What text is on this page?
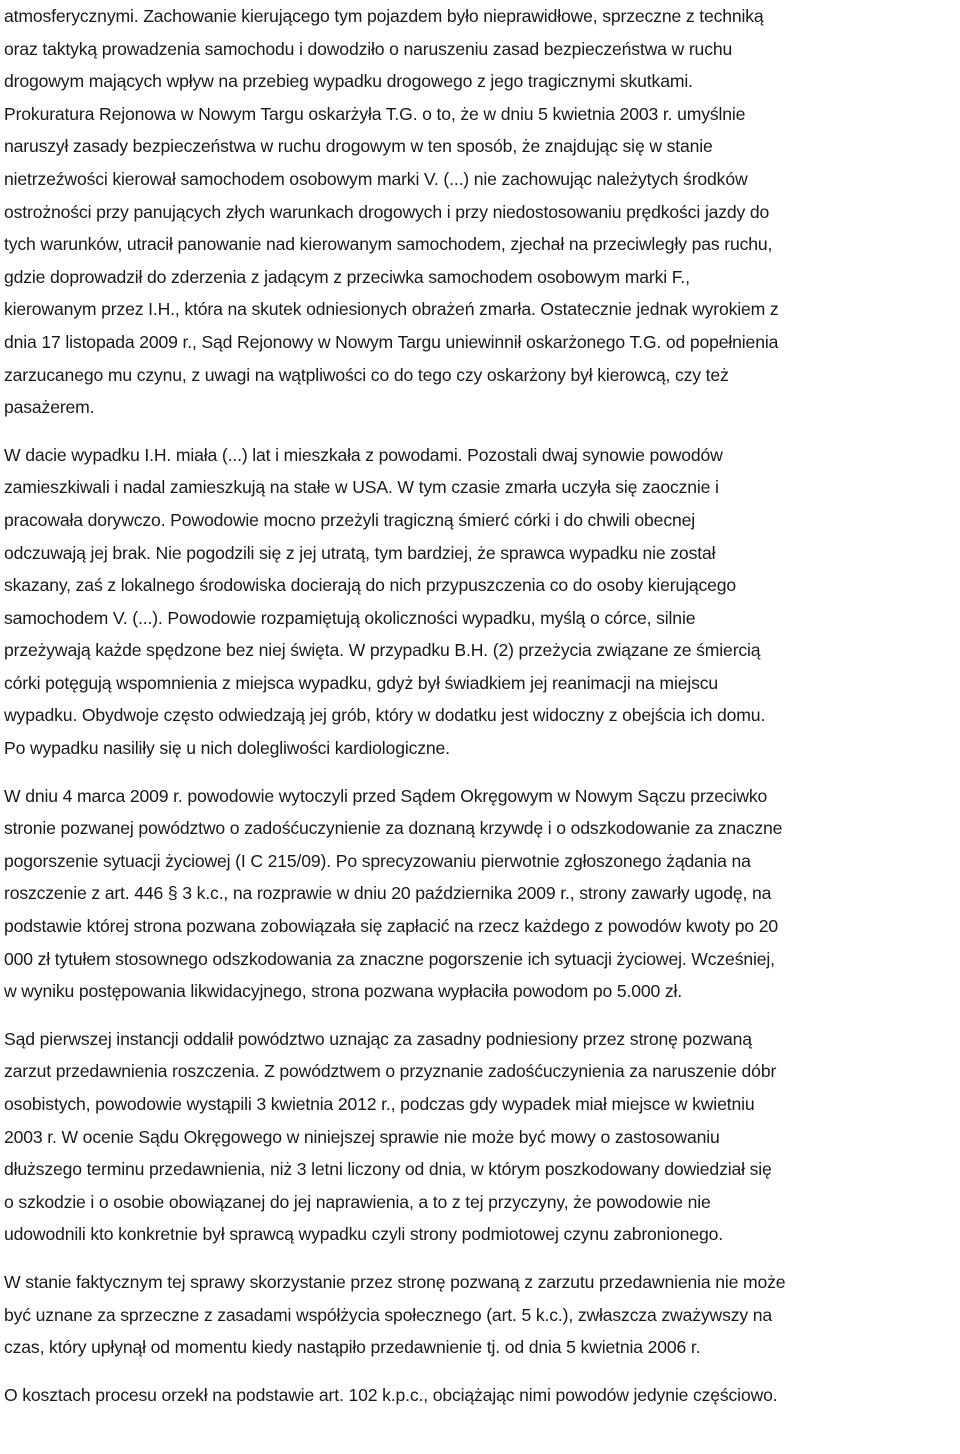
atmosferycznymi. Zachowanie kierującego tym pojazdem było nieprawidłowe, sprzeczne z techniką
oraz taktyką prowadzenia samochodu i dowodziło o naruszeniu zasad bezpieczeństwa w ruchu
drogowym mających wpływ na przebieg wypadku drogowego z jego tragicznymi skutkami.
Prokuratura Rejonowa w Nowym Targu oskarżyła T.G. o to, że w dniu 5 kwietnia 2003 r. umyślnie
naruszył zasady bezpieczeństwa w ruchu drogowym w ten sposób, że znajdując się w stanie
nietrzeźwości kierował samochodem osobowym marki V. (...) nie zachowując należytych środków
ostrożności przy panujących złych warunkach drogowych i przy niedostosowaniu prędkości jazdy do
tych warunków, utracił panowanie nad kierowanym samochodem, zjechał na przeciwległy pas ruchu,
gdzie doprowadził do zderzenia z jadącym z przeciwka samochodem osobowym marki F.,
kierowanym przez I.H., która na skutek odniesionych obrażeń zmarła. Ostatecznie jednak wyrokiem z
dnia 17 listopada 2009 r., Sąd Rejonowy w Nowym Targu uniewinnił oskarżonego T.G. od popełnienia
zarzucanego mu czynu, z uwagi na wątpliwości co do tego czy oskarżony był kierowcą, czy też
pasażerem.
W dacie wypadku I.H. miała (...) lat i mieszkała z powodami. Pozostali dwaj synowie powodów
zamieszkiwali i nadal zamieszkują na stałe w USA. W tym czasie zmarła uczyła się zaocznie i
pracowała dorywczo. Powodowie mocno przeżyli tragiczną śmierć córki i do chwili obecnej
odczuwają jej brak. Nie pogodzili się z jej utratą, tym bardziej, że sprawca wypadku nie został
skazany, zaś z lokalnego środowiska docierają do nich przypuszczenia co do osoby kierującego
samochodem V. (...). Powodowie rozpamiętują okoliczności wypadku, myślą o córce, silnie
przeżywają każde spędzone bez niej święta. W przypadku B.H. (2) przeżycia związane ze śmiercią
córki potęgują wspomnienia z miejsca wypadku, gdyż był świadkiem jej reanimacji na miejscu
wypadku. Obydwoje często odwiedzają jej grób, który w dodatku jest widoczny z obejścia ich domu.
Po wypadku nasiliły się u nich dolegliwości kardiologiczne.
W dniu 4 marca 2009 r. powodowie wytoczyli przed Sądem Okręgowym w Nowym Sączu przeciwko
stronie pozwanej powództwo o zadośćuczynienie za doznaną krzywdę i o odszkodowanie za znaczne
pogorszenie sytuacji życiowej (I C 215/09). Po sprecyzowaniu pierwotnie zgłoszonego żądania na
roszczenie z art. 446 § 3 k.c., na rozprawie w dniu 20 października 2009 r., strony zawarły ugodę, na
podstawie której strona pozwana zobowiązała się zapłacić na rzecz każdego z powodów kwoty po 20
000 zł tytułem stosownego odszkodowania za znaczne pogorszenie ich sytuacji życiowej. Wcześniej,
w wyniku postępowania likwidacyjnego, strona pozwana wypłaciła powodom po 5.000 zł.
Sąd pierwszej instancji oddalił powództwo uznając za zasadny podniesiony przez stronę pozwaną
zarzut przedawnienia roszczenia. Z powództwem o przyznanie zadośćuczynienia za naruszenie dóbr
osobistych, powodowie wystąpili 3 kwietnia 2012 r., podczas gdy wypadek miał miejsce w kwietniu
2003 r. W ocenie Sądu Okręgowego w niniejszej sprawie nie może być mowy o zastosowaniu
dłuższego terminu przedawnienia, niż 3 letni liczony od dnia, w którym poszkodowany dowiedział się
o szkodzie i o osobie obowiązanej do jej naprawienia, a to z tej przyczyny, że powodowie nie
udowodnili kto konkretnie był sprawcą wypadku czyli strony podmiotowej czynu zabronionego.
W stanie faktycznym tej sprawy skorzystanie przez stronę pozwaną z zarzutu przedawnienia nie może
być uznane za sprzeczne z zasadami współżycia społecznego (art. 5 k.c.), zwłaszcza zważywszy na
czas, który upłynął od momentu kiedy nastąpiło przedawnienie tj. od dnia 5 kwietnia 2006 r.
O kosztach procesu orzekł na podstawie art. 102 k.p.c., obciążając nimi powodów jedynie częściowo.
